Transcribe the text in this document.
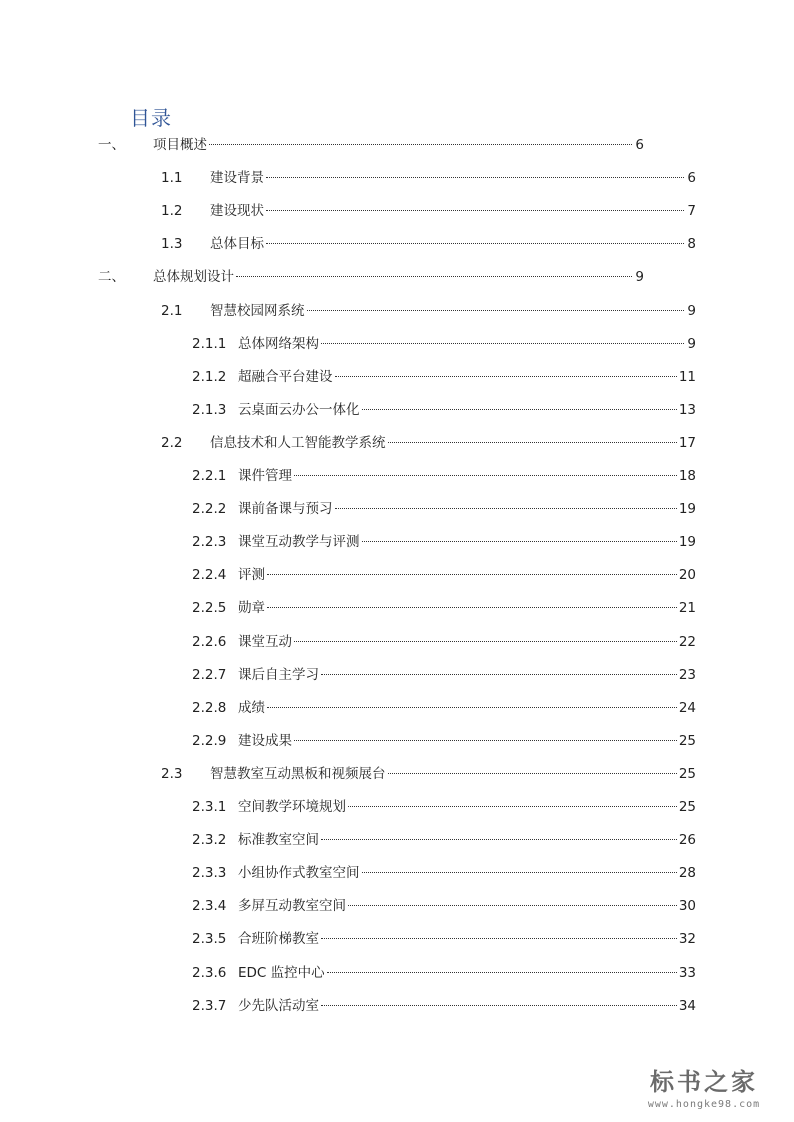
目录
一、	项目概述	6
1.1	建设背景	6
1.2	建设现状	7
1.3	总体目标	8
二、	总体规划设计	9
2.1	智慧校园网系统	9
2.1.1 总体网络架构	9
2.1.2 超融合平台建设	11
2.1.3 云桌面云办公一体化	13
2.2	信息技术和人工智能教学系统	17
2.2.1 课件管理	18
2.2.2 课前备课与预习	19
2.2.3 课堂互动教学与评测	19
2.2.4 评测	20
2.2.5 勋章	21
2.2.6 课堂互动	22
2.2.7 课后自主学习	23
2.2.8 成绩	24
2.2.9 建设成果	25
2.3	智慧教室互动黑板和视频展台	25
2.3.1 空间教学环境规划	25
2.3.2 标准教室空间	26
2.3.3 小组协作式教室空间	28
2.3.4 多屏互动教室空间	30
2.3.5 合班阶梯教室	32
2.3.6 EDC 监控中心	33
2.3.7 少先队活动室	34
标书之家
www.hongke98.com
